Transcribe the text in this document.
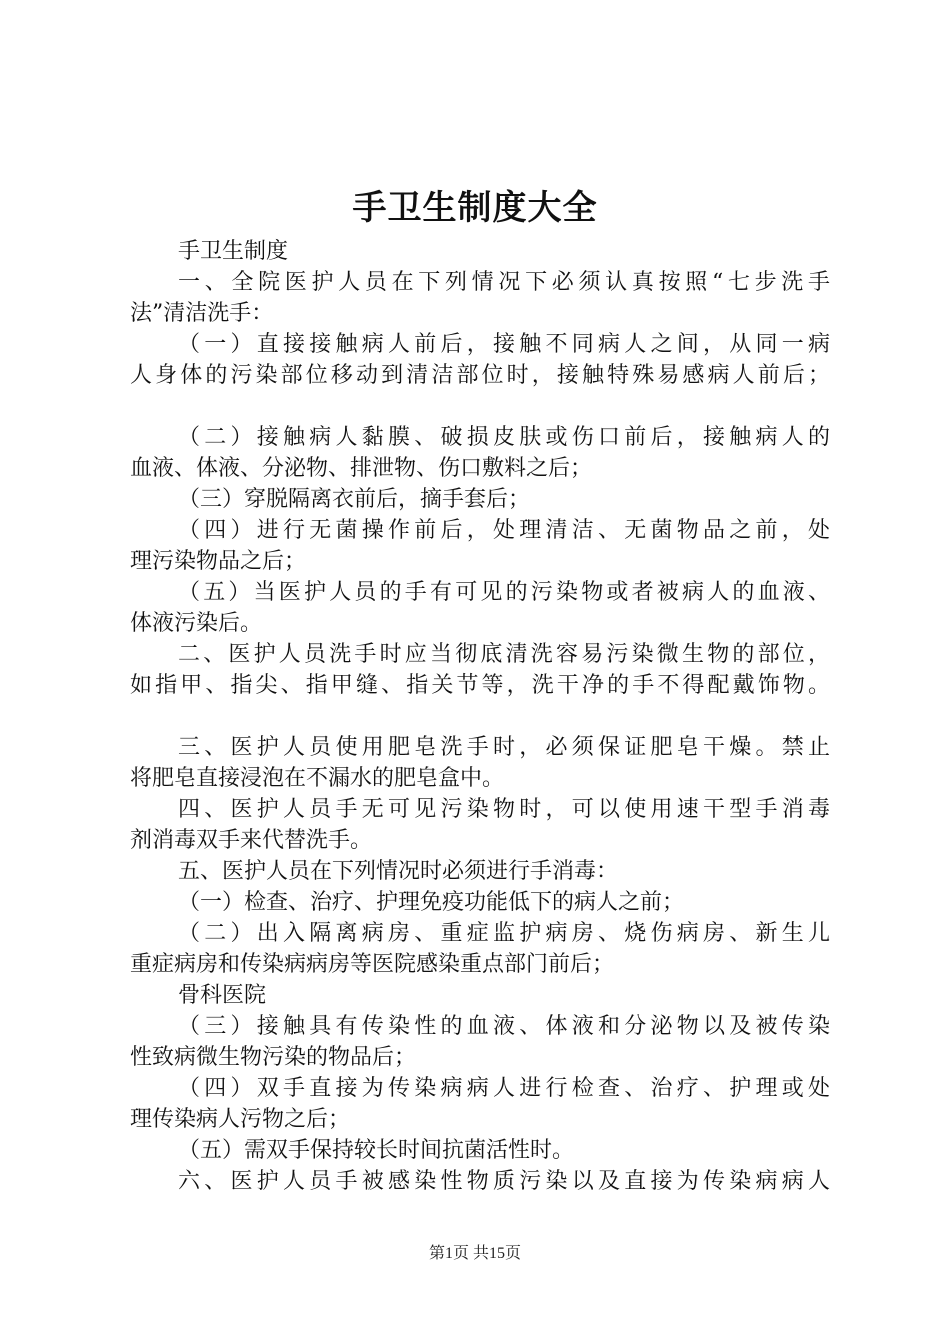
手卫生制度大全
手卫生制度
一、全院医护人员在下列情况下必须认真按照“七步洗手
法”清洁洗手：
（一）直接接触病人前后，接触不同病人之间，从同一病
人身体的污染部位移动到清洁部位时，接触特殊易感病人前后；
（二）接触病人黏膜、破损皮肤或伤口前后，接触病人的
血液、体液、分泌物、排泄物、伤口敷料之后；
（三）穿脱隔离衣前后，摘手套后；
（四）进行无菌操作前后，处理清洁、无菌物品之前，处
理污染物品之后；
（五）当医护人员的手有可见的污染物或者被病人的血液、
体液污染后。
二、医护人员洗手时应当彻底清洗容易污染微生物的部位，
如指甲、指尖、指甲缝、指关节等，洗干净的手不得配戴饰物。
三、医护人员使用肥皂洗手时，必须保证肥皂干燥。禁止
将肥皂直接浸泡在不漏水的肥皂盒中。
四、医护人员手无可见污染物时，可以使用速干型手消毒
剂消毒双手来代替洗手。
五、医护人员在下列情况时必须进行手消毒：
（一）检查、治疗、护理免疫功能低下的病人之前；
（二）出入隔离病房、重症监护病房、烧伤病房、新生儿
重症病房和传染病病房等医院感染重点部门前后；
骨科医院
（三）接触具有传染性的血液、体液和分泌物以及被传染
性致病微生物污染的物品后；
（四）双手直接为传染病病人进行检查、治疗、护理或处
理传染病人污物之后；
（五）需双手保持较长时间抗菌活性时。
六、医护人员手被感染性物质污染以及直接为传染病病人
第1页 共15页
